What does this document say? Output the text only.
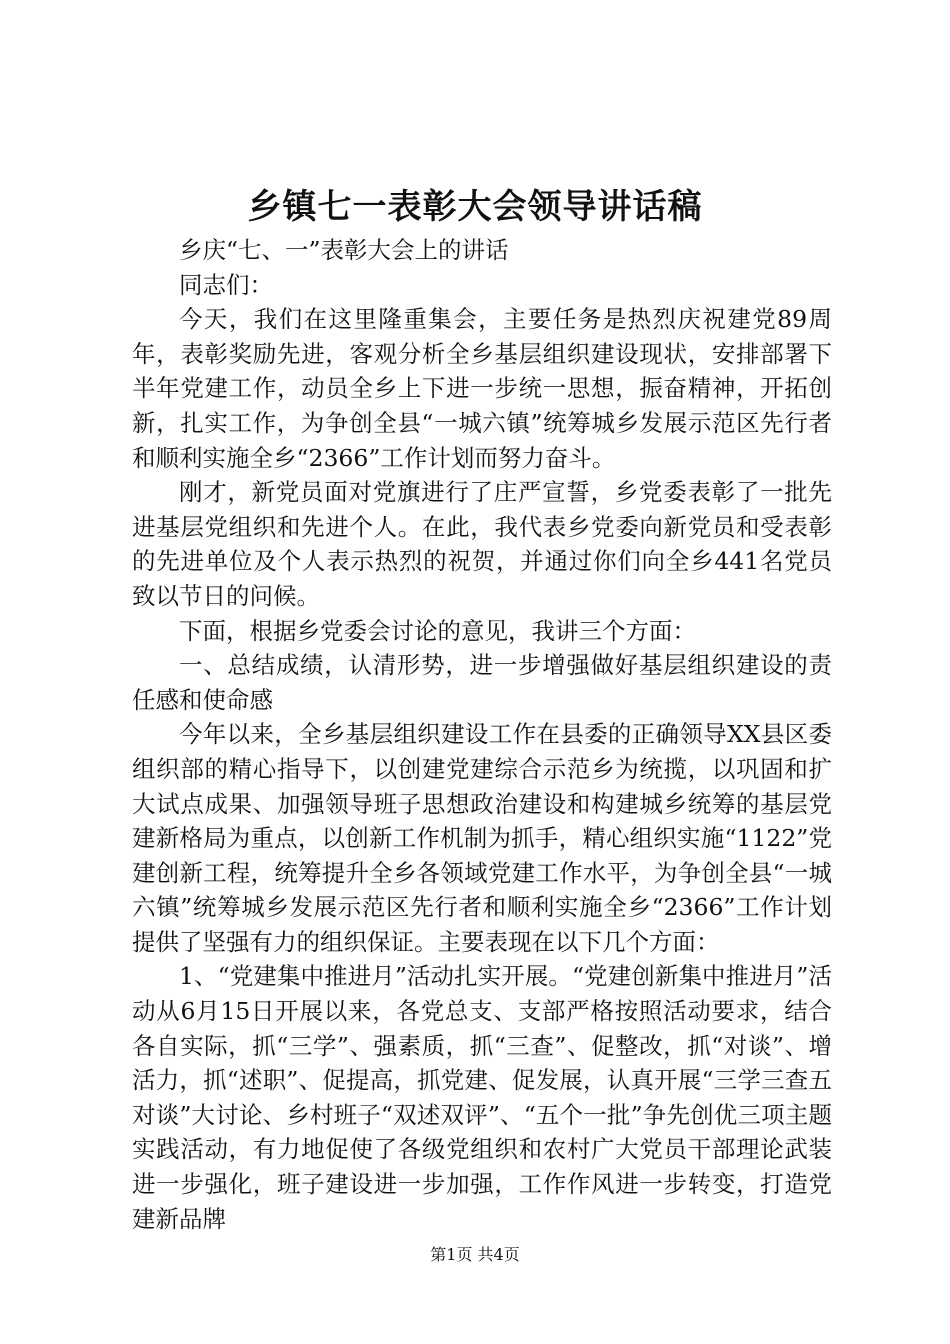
乡镇七一表彰大会领导讲话稿

乡庆“七、一”表彰大会上的讲话

同志们：

今天，我们在这里隆重集会，主要任务是热烈庆祝建党89周年，表彰奖励先进，客观分析全乡基层组织建设现状，安排部署下半年党建工作，动员全乡上下进一步统一思想，振奋精神，开拓创新，扎实工作，为争创全县“一城六镇”统筹城乡发展示范区先行者和顺利实施全乡“2366”工作计划而努力奋斗。

刚才，新党员面对党旗进行了庄严宣誓，乡党委表彰了一批先进基层党组织和先进个人。在此，我代表乡党委向新党员和受表彰的先进单位及个人表示热烈的祝贺，并通过你们向全乡441名党员致以节日的问候。

下面，根据乡党委会讨论的意见，我讲三个方面：

一、总结成绩，认清形势，进一步增强做好基层组织建设的责任感和使命感

今年以来，全乡基层组织建设工作在县委的正确领导XX县区委组织部的精心指导下，以创建党建综合示范乡为统揽，以巩固和扩大试点成果、加强领导班子思想政治建设和构建城乡统筹的基层党建新格局为重点，以创新工作机制为抓手，精心组织实施“1122”党建创新工程，统筹提升全乡各领域党建工作水平，为争创全县“一城六镇”统筹城乡发展示范区先行者和顺利实施全乡“2366”工作计划提供了坚强有力的组织保证。主要表现在以下几个方面：

1、“党建集中推进月”活动扎实开展。“党建创新集中推进月”活动从6月15日开展以来，各党总支、支部严格按照活动要求，结合各自实际，抓“三学”、强素质，抓“三查”、促整改，抓“对谈”、增活力，抓“述职”、促提高，抓党建、促发展，认真开展“三学三查五对谈”大讨论、乡村班子“双述双评”、“五个一批”争先创优三项主题实践活动，有力地促使了各级党组织和农村广大党员干部理论武装进一步强化，班子建设进一步加强，工作作风进一步转变，打造党建新品牌

第1页 共4页
